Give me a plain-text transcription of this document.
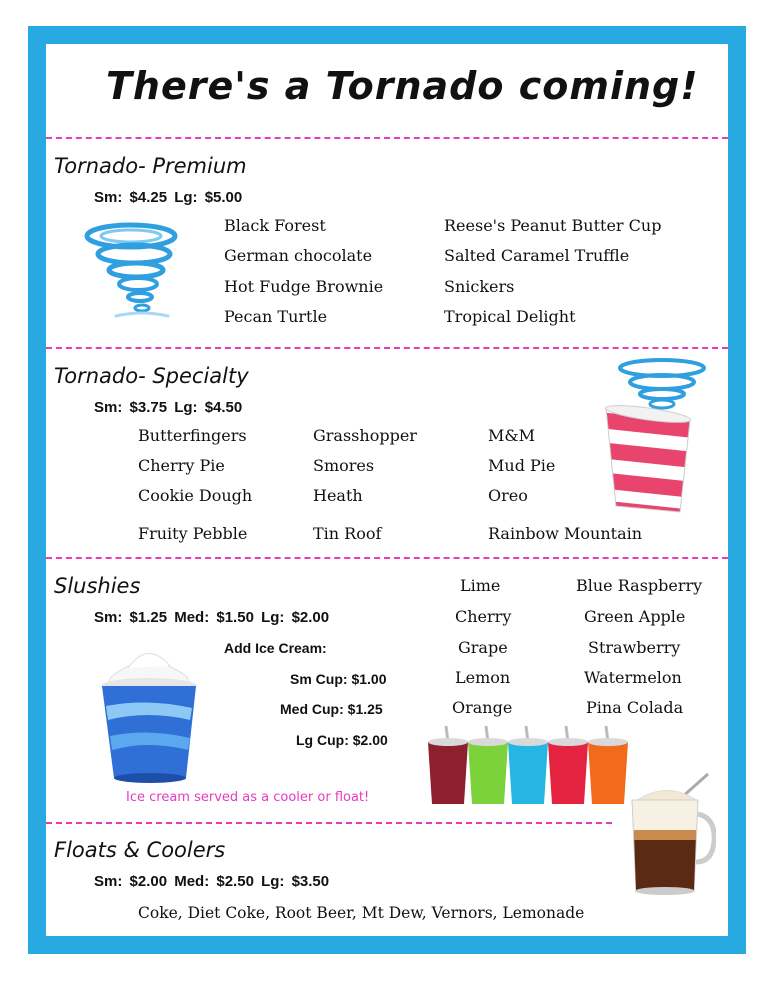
There's a Tornado coming!
Tornado- Premium
Sm: $4.25 Lg: $5.00
Black Forest
German chocolate
Hot Fudge Brownie
Pecan Turtle
Reese's Peanut Butter Cup
Salted Caramel Truffle
Snickers
Tropical Delight
Tornado- Specialty
Sm: $3.75 Lg: $4.50
Butterfingers
Cherry Pie
Cookie Dough
Fruity Pebble
Grasshopper
Smores
Heath
Tin Roof
M&M
Mud Pie
Oreo
Rainbow Mountain
Slushies
Sm: $1.25 Med: $1.50 Lg: $2.00
Add Ice Cream:
Sm Cup: $1.00
Med Cup: $1.25
Lg Cup: $2.00
Lime
Cherry
Grape
Lemon
Orange
Blue Raspberry
Green Apple
Strawberry
Watermelon
Pina Colada
Ice cream served as a cooler or float!
Floats & Coolers
Sm: $2.00 Med: $2.50 Lg: $3.50
Coke, Diet Coke, Root Beer, Mt Dew, Vernors, Lemonade
